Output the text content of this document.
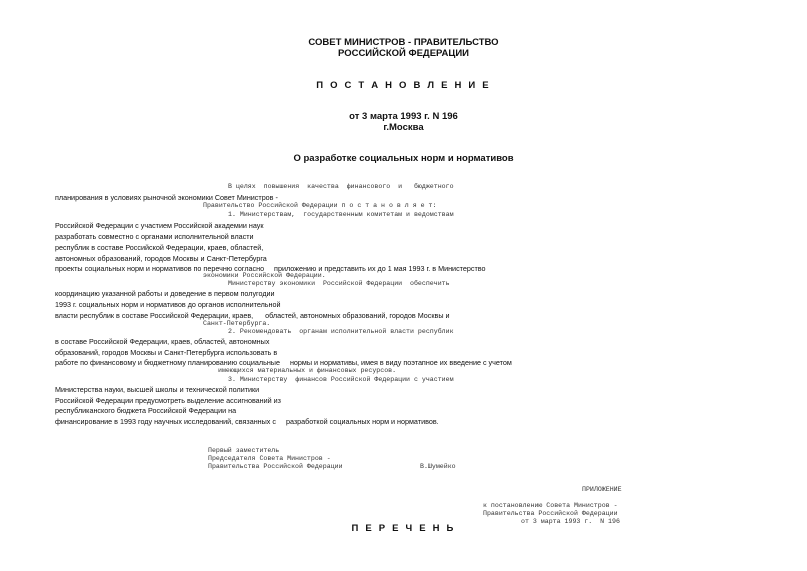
СОВЕТ МИНИСТРОВ - ПРАВИТЕЛЬСТВО
РОССИЙСКОЙ ФЕДЕРАЦИИ
П О С Т А Н О В Л Е Н И Е
от 3 марта 1993 г. N 196
г.Москва
О разработке социальных норм и нормативов
В целях  повышения  качества  финансового  и   бюджетного
планирования в условиях рыночной экономики Совет Министров -
Правительство Российской Федерации п о с т а н о в л я е т:
1. Министерствам,  государственным комитетам и ведомствам
Российской Федерации с участием Российской академии наук
разработать совместно с органами исполнительной власти
республик в составе Российской Федерации, краев, областей,
автономных образований, городов Москвы и Санкт-Петербурга
проекты социальных норм и нормативов по перечню согласно     приложению и представить их до 1 мая 1993 г. в Министерство
экономики Российской Федерации.
Министерству экономики  Российской Федерации  обеспечить
координацию указанной работы и доведение в первом полугодии
1993 г. социальных норм и нормативов до органов исполнительной
власти республик в составе Российской Федерации, краев,      областей, автономных образований, городов Москвы и
Санкт-Петербурга.
2. Рекомендовать  органам исполнительной власти республик
в составе Российской Федерации, краев, областей, автономных
образований, городов Москвы и Санкт-Петербурга использовать в
работе по финансовому и бюджетному планированию социальные     нормы и нормативы, имея в виду поэтапное их введение с учетом
имеющихся материальных и финансовых ресурсов.
3. Министерству  финансов Российской Федерации с участием
Министерства науки, высшей школы и технической политики
Российской Федерации предусмотреть выделение ассигнований из
республиканского бюджета Российской Федерации на
финансирование в 1993 году научных исследований, связанных с     разработкой социальных норм и нормативов.
Первый заместитель
Председателя Совета Министров -
Правительства Российской Федерации	В.Шумейко
ПРИЛОЖЕНИЕ
к постановлению Совета Министров -
Правительства Российской Федерации
от 3 марта 1993 г.  N 196
П Е Р Е Ч Е Н Ь
